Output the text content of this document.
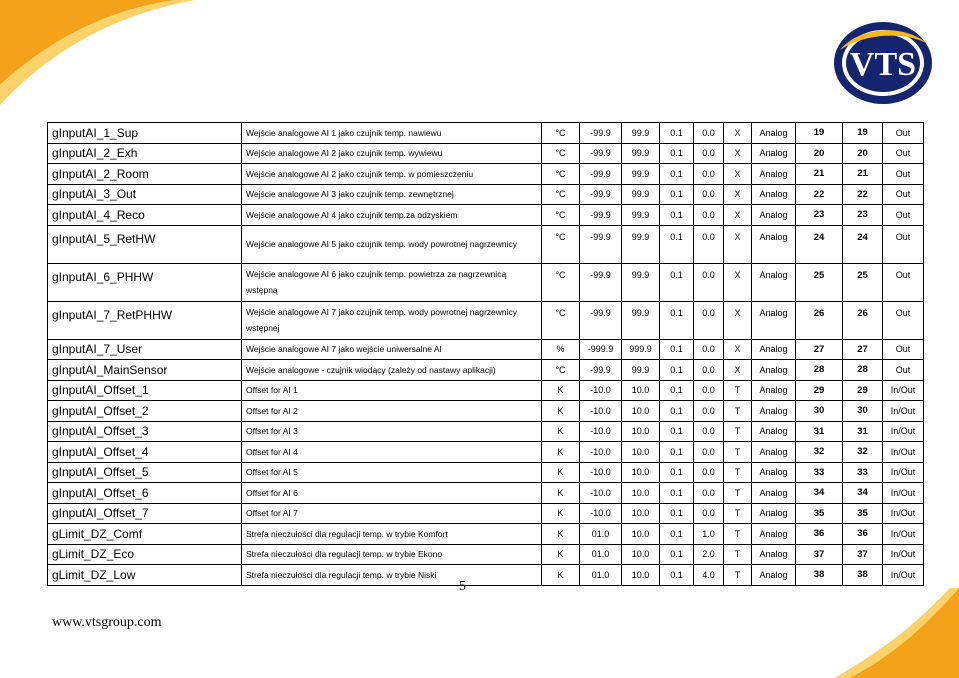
VTS
gInputAI_1_Sup	Wejście analogowe AI 1 jako czujnik temp. nawiewu	°C	-99.9	99.9	0.1	0.0	X	Analog	19	19	Out
gInputAI_2_Exh	Wejście analogowe AI 2 jako czujnik temp. wywiewu	°C	-99.9	99.9	0.1	0.0	X	Analog	20	20	Out
gInputAI_2_Room	Wejście analogowe AI 2 jako czujnik temp. w pomieszczeniu	°C	-99.9	99.9	0.1	0.0	X	Analog	21	21	Out
gInputAI_3_Out	Wejście analogowe AI 3 jako czujnik temp. zewnętrznej	°C	-99.9	99.9	0.1	0.0	X	Analog	22	22	Out
gInputAI_4_Reco	Wejście analogowe AI 4 jako czujnik temp.za odzyskiem	°C	-99.9	99.9	0.1	0.0	X	Analog	23	23	Out
gInputAI_5_RetHW	Wejście analogowe AI 5 jako czujnik temp. wody powrotnej nagrzewnicy	°C	-99.9	99.9	0.1	0.0	X	Analog	24	24	Out
gInputAI_6_PHHW	Wejście analogowe AI 6 jako czujnik temp. powietrza za nagrzewnicą wstępną	°C	-99.9	99.9	0.1	0.0	X	Analog	25	25	Out
gInputAI_7_RetPHHW	Wejście analogowe AI 7 jako czujnik temp. wody powrotnej nagrzewnicy wstępnej	°C	-99.9	99.9	0.1	0.0	X	Analog	26	26	Out
gInputAI_7_User	Wejście analogowe AI 7 jako wejście uniwersalne AI	%	-999.9	999.9	0.1	0.0	X	Analog	27	27	Out
gInputAI_MainSensor	Wejście analogowe - czujnik wiodący (zależy od nastawy aplikacji)	°C	-99.9	99.9	0.1	0.0	X	Analog	28	28	Out
gInputAI_Offset_1	Offset for AI 1	K	-10.0	10.0	0.1	0.0	T	Analog	29	29	In/Out
gInputAI_Offset_2	Offset for AI 2	K	-10.0	10.0	0.1	0.0	T	Analog	30	30	In/Out
gInputAI_Offset_3	Offset for AI 3	K	-10.0	10.0	0.1	0.0	T	Analog	31	31	In/Out
gInputAI_Offset_4	Offset for AI 4	K	-10.0	10.0	0.1	0.0	T	Analog	32	32	In/Out
gInputAI_Offset_5	Offset for AI 5	K	-10.0	10.0	0.1	0.0	T	Analog	33	33	In/Out
gInputAI_Offset_6	Offset for AI 6	K	-10.0	10.0	0.1	0.0	T	Analog	34	34	In/Out
gInputAI_Offset_7	Offset for AI 7	K	-10.0	10.0	0.1	0.0	T	Analog	35	35	In/Out
gLimit_DZ_Comf	Strefa nieczułości dla regulacji temp. w trybie Komfort	K	01.0	10.0	0.1	1.0	T	Analog	36	36	In/Out
gLimit_DZ_Eco	Strefa nieczułości dla regulacji temp. w trybie Ekono	K	01.0	10.0	0.1	2.0	T	Analog	37	37	In/Out
gLimit_DZ_Low	Strefa nieczułości dla regulacji temp. w trybie Niski	K	01.0	10.0	0.1	4.0	T	Analog	38	38	In/Out
5
www.vtsgroup.com
